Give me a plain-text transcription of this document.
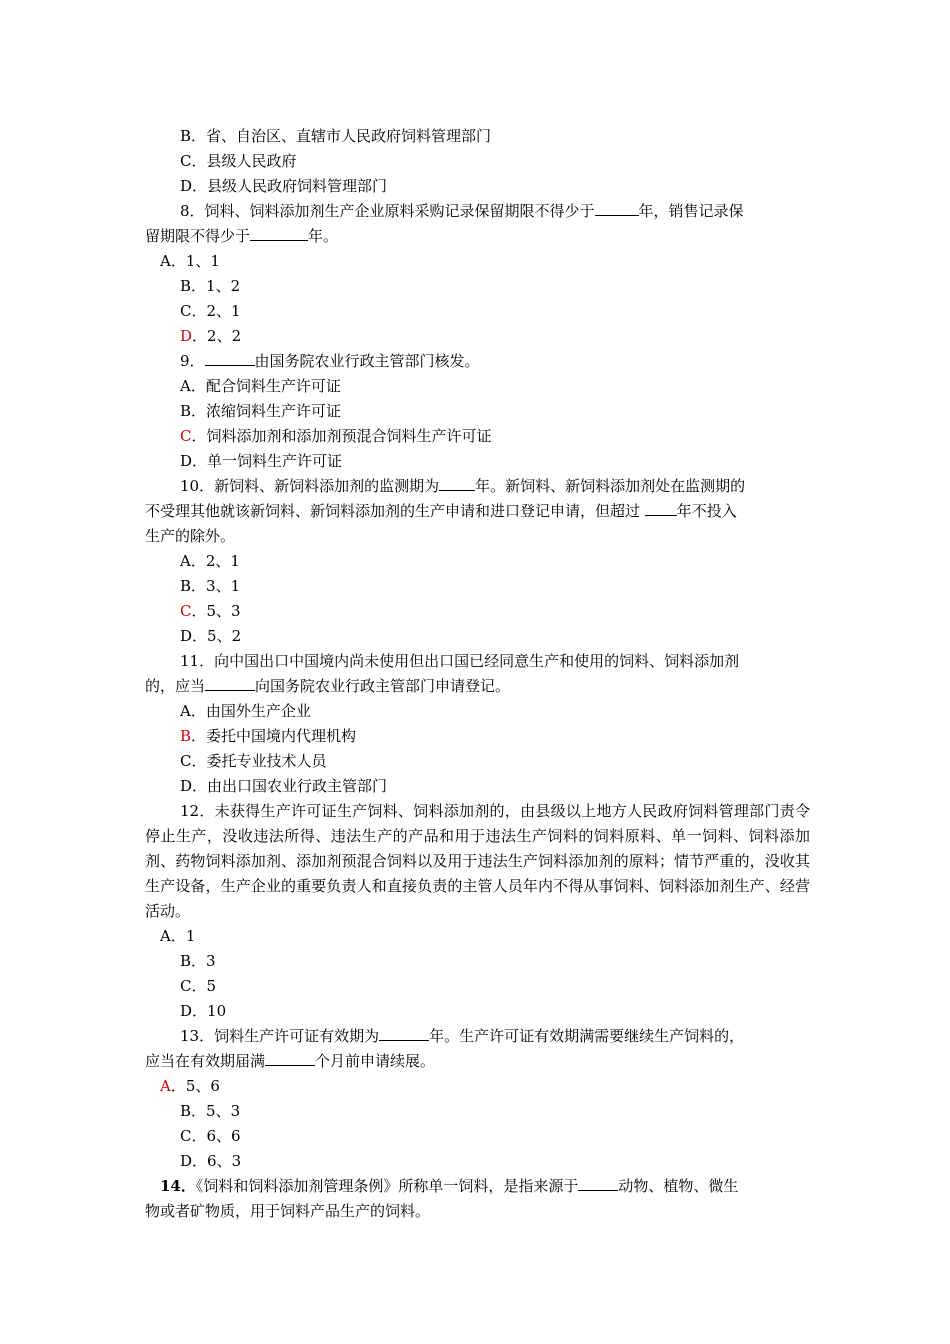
B．省、自治区、直辖市人民政府饲料管理部门
C．县级人民政府
D．县级人民政府饲料管理部门
8．饲料、饲料添加剂生产企业原料采购记录保留期限不得少于	年，销售记录保
留期限不得少于	年。
A．1、1
B．1、2
C．2、1
D．2、2
9．	由国务院农业行政主管部门核发。
A．配合饲料生产许可证
B．浓缩饲料生产许可证
C．饲料添加剂和添加剂预混合饲料生产许可证
D．单一饲料生产许可证
10．新饲料、新饲料添加剂的监测期为 年。新饲料、新饲料添加剂处在监测期的
不受理其他就该新饲料、新饲料添加剂的生产申请和进口登记申请，但超过 年不投入
生产的除外。
A．2、1
B．3、1
C．5、3
D．5、2
11．向中国出口中国境内尚未使用但出口国已经同意生产和使用的饲料、饲料添加剂
的，应当	向国务院农业行政主管部门申请登记。
A．由国外生产企业
B．委托中国境内代理机构
C．委托专业技术人员
D．由出口国农业行政主管部门
12．未获得生产许可证生产饲料、饲料添加剂的，由县级以上地方人民政府饲料管理部门责令停止生产，没收违法所得、违法生产的产品和用于违法生产饲料的饲料原料、单一饲料、饲料添加剂、药物饲料添加剂、添加剂预混合饲料以及用于违法生产饲料添加剂的原料；情节严重的，没收其生产设备，生产企业的重要负责人和直接负责的主管人员年内不得从事饲料、饲料添加剂生产、经营活动。
A．1
B．3
C．5
D．10
13．饲料生产许可证有效期为	年。生产许可证有效期满需要继续生产饲料的，
应当在有效期届满	个月前申请续展。
A．5、6
B．5、3
C．6、6
D．6、3
14．《饲料和饲料添加剂管理条例》所称单一饲料，是指来源于	动物、植物、微生
物或者矿物质，用于饲料产品生产的饲料。
